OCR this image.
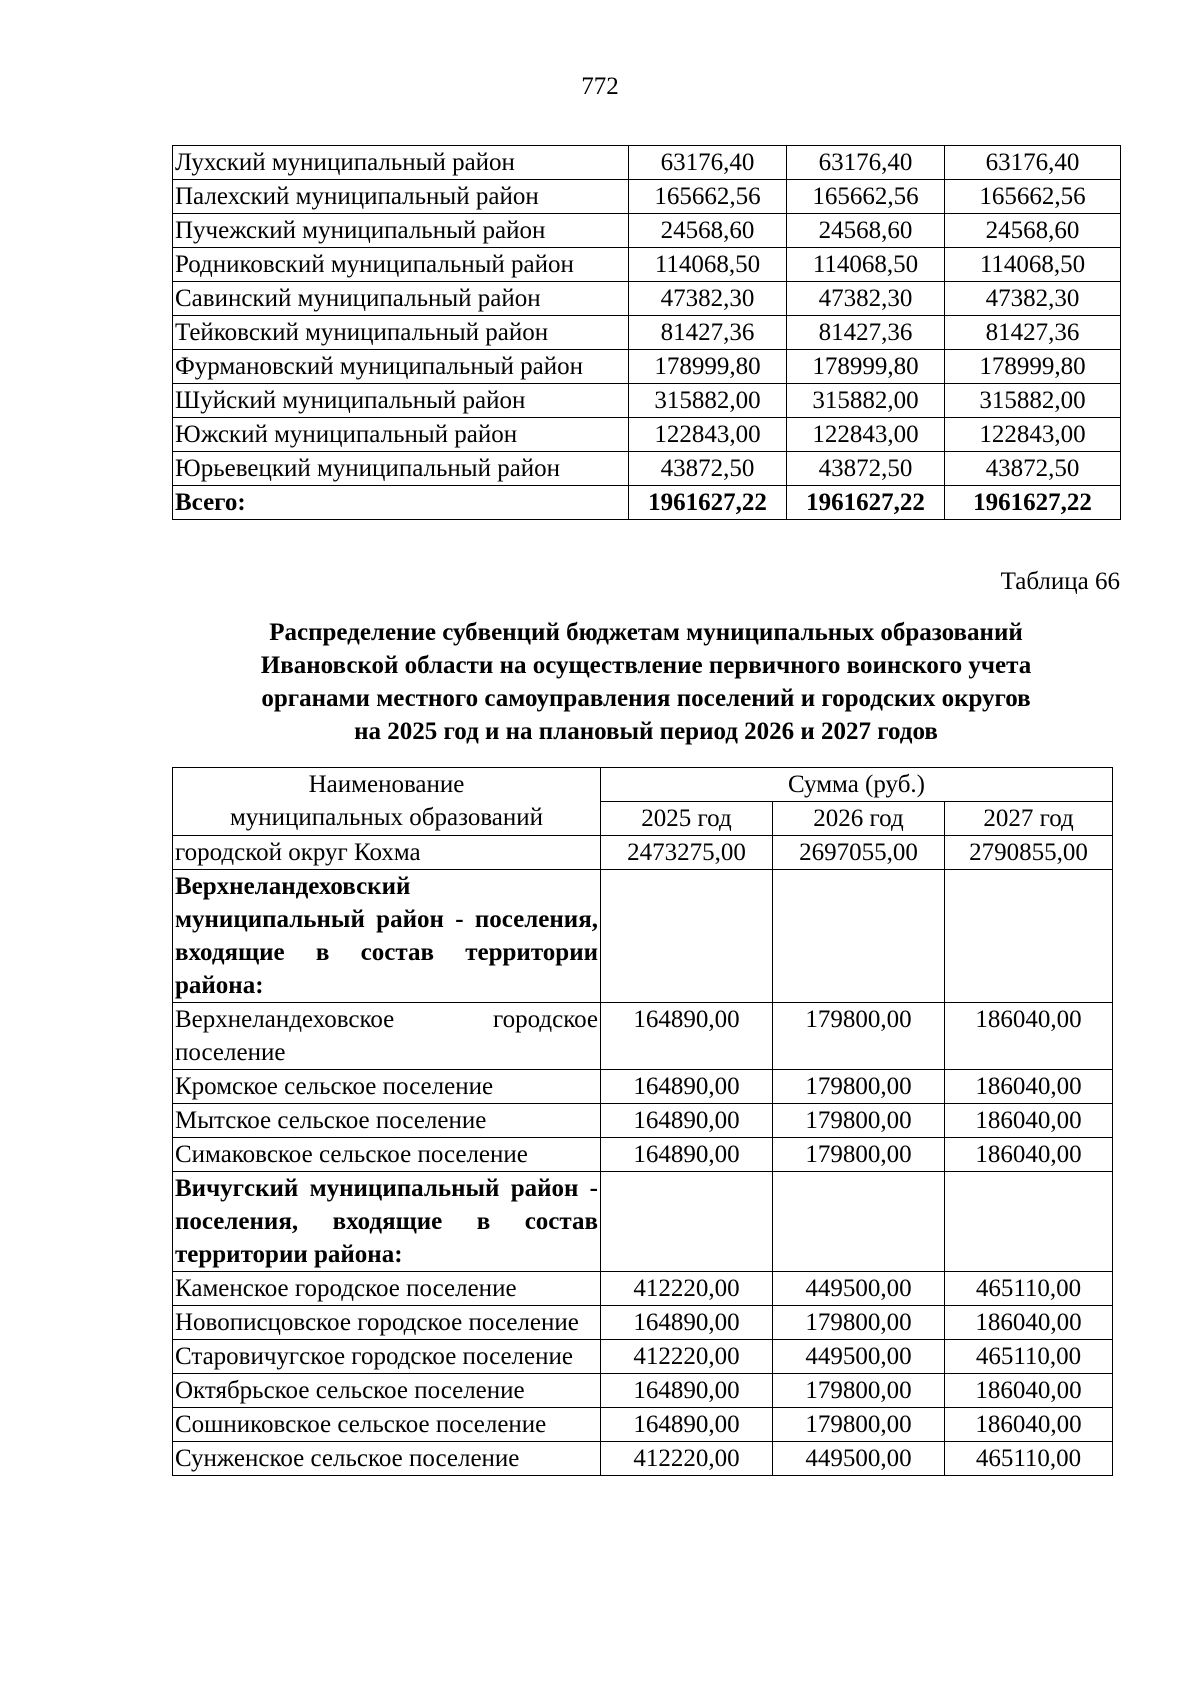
772
Лухский муниципальный район	63176,40	63176,40	63176,40
Палехский муниципальный район	165662,56	165662,56	165662,56
Пучежский муниципальный район	24568,60	24568,60	24568,60
Родниковский муниципальный район	114068,50	114068,50	114068,50
Савинский муниципальный район	47382,30	47382,30	47382,30
Тейковский муниципальный район	81427,36	81427,36	81427,36
Фурмановский муниципальный район	178999,80	178999,80	178999,80
Шуйский муниципальный район	315882,00	315882,00	315882,00
Южский муниципальный район	122843,00	122843,00	122843,00
Юрьевецкий муниципальный район	43872,50	43872,50	43872,50
Всего:	1961627,22	1961627,22	1961627,22
Таблица 66
Распределение субвенций бюджетам муниципальных образований
Ивановской области на осуществление первичного воинского учета
органами местного самоуправления поселений и городских округов
на 2025 год и на плановый период 2026 и 2027 годов
Наименование
муниципальных образований	Сумма (руб.)		
	2025 год	2026 год	2027 год
городской округ Кохма	2473275,00	2697055,00	2790855,00
Верхнеландеховский муниципальный район - поселения, входящие в состав территории района:			
Верхнеландеховское городское поселение	164890,00	179800,00	186040,00
Кромское сельское поселение	164890,00	179800,00	186040,00
Мытское сельское поселение	164890,00	179800,00	186040,00
Симаковское сельское поселение	164890,00	179800,00	186040,00
Вичугский муниципальный район - поселения, входящие в состав территории района:			
Каменское городское поселение	412220,00	449500,00	465110,00
Новописцовское городское поселение	164890,00	179800,00	186040,00
Старовичугское городское поселение	412220,00	449500,00	465110,00
Октябрьское сельское поселение	164890,00	179800,00	186040,00
Сошниковское сельское поселение	164890,00	179800,00	186040,00
Сунженское сельское поселение	412220,00	449500,00	465110,00
